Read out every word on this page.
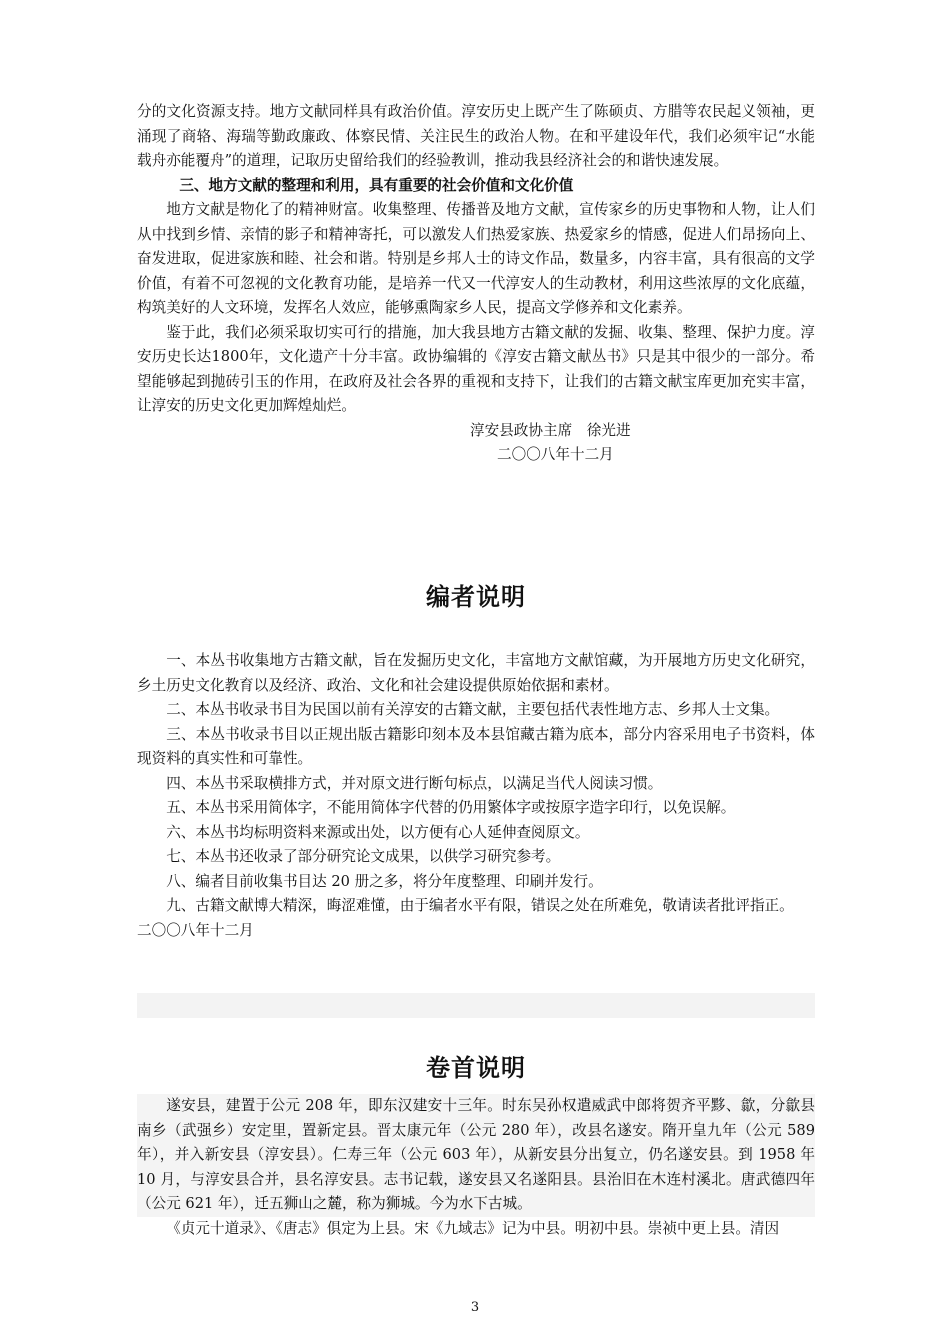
分的文化资源支持。地方文献同样具有政治价值。淳安历史上既产生了陈硕贞、方腊等农民起义领袖，更涌现了商辂、海瑞等勤政廉政、体察民情、关注民生的政治人物。在和平建设年代，我们必须牢记“水能载舟亦能覆舟”的道理，记取历史留给我们的经验教训，推动我县经济社会的和谐快速发展。

三、地方文献的整理和利用，具有重要的社会价值和文化价值

地方文献是物化了的精神财富。收集整理、传播普及地方文献，宣传家乡的历史事物和人物，让人们从中找到乡情、亲情的影子和精神寄托，可以激发人们热爱家族、热爱家乡的情感，促进人们昂扬向上、奋发进取，促进家族和睦、社会和谐。特别是乡邦人士的诗文作品，数量多，内容丰富，具有很高的文学价值，有着不可忽视的文化教育功能，是培养一代又一代淳安人的生动教材，利用这些浓厚的文化底蕴，构筑美好的人文环境，发挥名人效应，能够熏陶家乡人民，提高文学修养和文化素养。

鉴于此，我们必须采取切实可行的措施，加大我县地方古籍文献的发掘、收集、整理、保护力度。淳安历史长达1800年，文化遗产十分丰富。政协编辑的《淳安古籍文献丛书》只是其中很少的一部分。希望能够起到抛砖引玉的作用，在政府及社会各界的重视和支持下，让我们的古籍文献宝库更加充实丰富，让淳安的历史文化更加辉煌灿烂。

淳安县政协主席　徐光进

二〇〇八年十二月

编者说明

一、本丛书收集地方古籍文献，旨在发掘历史文化，丰富地方文献馆藏，为开展地方历史文化研究，乡土历史文化教育以及经济、政治、文化和社会建设提供原始依据和素材。

二、本丛书收录书目为民国以前有关淳安的古籍文献，主要包括代表性地方志、乡邦人士文集。

三、本丛书收录书目以正规出版古籍影印刻本及本县馆藏古籍为底本，部分内容采用电子书资料，体现资料的真实性和可靠性。

四、本丛书采取横排方式，并对原文进行断句标点，以满足当代人阅读习惯。

五、本丛书采用简体字，不能用简体字代替的仍用繁体字或按原字造字印行，以免误解。

六、本丛书均标明资料来源或出处，以方便有心人延伸查阅原文。

七、本丛书还收录了部分研究论文成果，以供学习研究参考。

八、编者目前收集书目达 20 册之多，将分年度整理、印刷并发行。

九、古籍文献博大精深，晦涩难懂，由于编者水平有限，错误之处在所难免，敬请读者批评指正。

二〇〇八年十二月

卷首说明

遂安县，建置于公元 208 年，即东汉建安十三年。时东吴孙权遣威武中郎将贺齐平黟、歙，分歙县南乡（武强乡）安定里，置新定县。晋太康元年（公元 280 年），改县名遂安。隋开皇九年（公元 589 年），并入新安县（淳安县）。仁寿三年（公元 603 年），从新安县分出复立，仍名遂安县。到 1958 年 10 月，与淳安县合并，县名淳安县。志书记载，遂安县又名遂阳县。县治旧在木连村溪北。唐武德四年（公元 621 年），迁五狮山之麓，称为狮城。今为水下古城。

《贞元十道录》、《唐志》俱定为上县。宋《九域志》记为中县。明初中县。崇祯中更上县。清因

3
